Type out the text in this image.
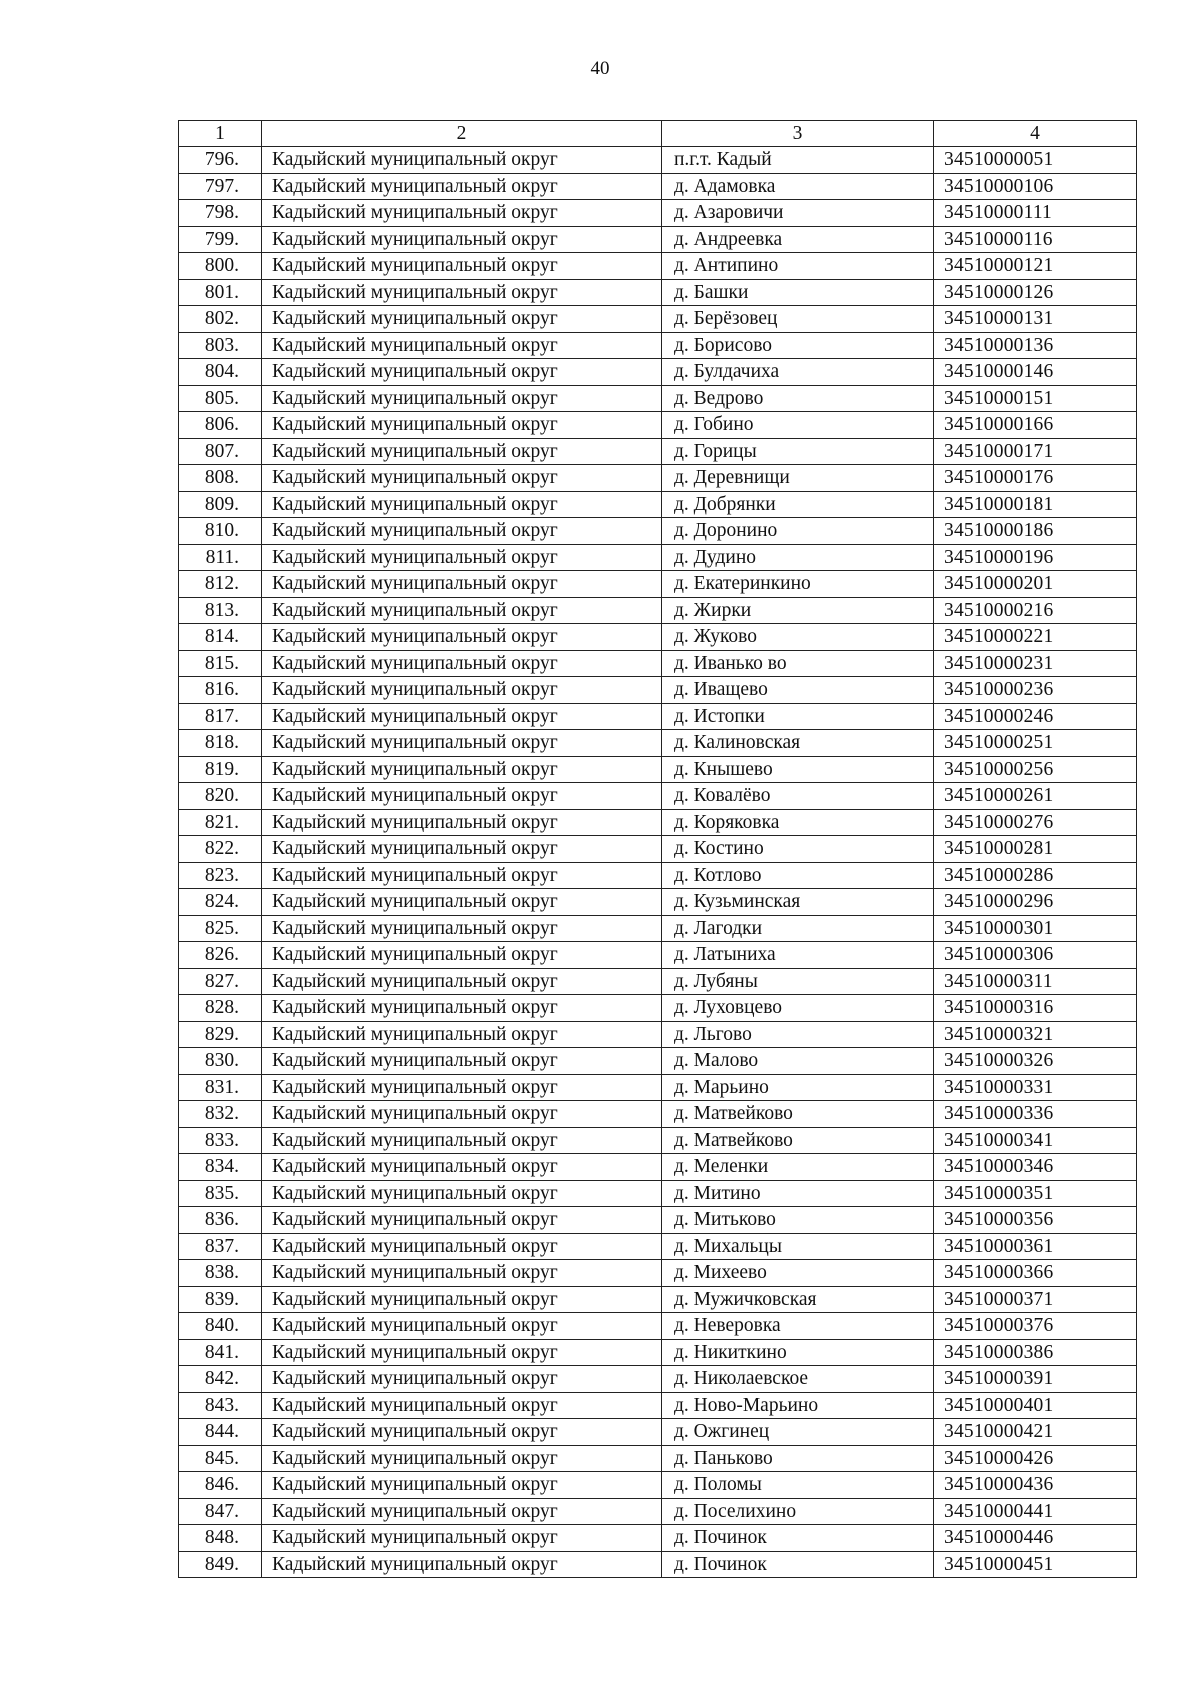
40
1	2	3	4
796.	Кадыйский муниципальный округ	п.г.т. Кадый	34510000051
797.	Кадыйский муниципальный округ	д. Адамовка	34510000106
798.	Кадыйский муниципальный округ	д. Азаровичи	34510000111
799.	Кадыйский муниципальный округ	д. Андреевка	34510000116
800.	Кадыйский муниципальный округ	д. Антипино	34510000121
801.	Кадыйский муниципальный округ	д. Башки	34510000126
802.	Кадыйский муниципальный округ	д. Берёзовец	34510000131
803.	Кадыйский муниципальный округ	д. Борисово	34510000136
804.	Кадыйский муниципальный округ	д. Булдачиха	34510000146
805.	Кадыйский муниципальный округ	д. Ведрово	34510000151
806.	Кадыйский муниципальный округ	д. Гобино	34510000166
807.	Кадыйский муниципальный округ	д. Горицы	34510000171
808.	Кадыйский муниципальный округ	д. Деревнищи	34510000176
809.	Кадыйский муниципальный округ	д. Добрянки	34510000181
810.	Кадыйский муниципальный округ	д. Доронино	34510000186
811.	Кадыйский муниципальный округ	д. Дудино	34510000196
812.	Кадыйский муниципальный округ	д. Екатеринкино	34510000201
813.	Кадыйский муниципальный округ	д. Жирки	34510000216
814.	Кадыйский муниципальный округ	д. Жуково	34510000221
815.	Кадыйский муниципальный округ	д. Иванько во	34510000231
816.	Кадыйский муниципальный округ	д. Иващево	34510000236
817.	Кадыйский муниципальный округ	д. Истопки	34510000246
818.	Кадыйский муниципальный округ	д. Калиновская	34510000251
819.	Кадыйский муниципальный округ	д. Кнышево	34510000256
820.	Кадыйский муниципальный округ	д. Ковалёво	34510000261
821.	Кадыйский муниципальный округ	д. Коряковка	34510000276
822.	Кадыйский муниципальный округ	д. Костино	34510000281
823.	Кадыйский муниципальный округ	д. Котлово	34510000286
824.	Кадыйский муниципальный округ	д. Кузьминская	34510000296
825.	Кадыйский муниципальный округ	д. Лагодки	34510000301
826.	Кадыйский муниципальный округ	д. Латыниха	34510000306
827.	Кадыйский муниципальный округ	д. Лубяны	34510000311
828.	Кадыйский муниципальный округ	д. Луховцево	34510000316
829.	Кадыйский муниципальный округ	д. Льгово	34510000321
830.	Кадыйский муниципальный округ	д. Малово	34510000326
831.	Кадыйский муниципальный округ	д. Марьино	34510000331
832.	Кадыйский муниципальный округ	д. Матвейково	34510000336
833.	Кадыйский муниципальный округ	д. Матвейково	34510000341
834.	Кадыйский муниципальный округ	д. Меленки	34510000346
835.	Кадыйский муниципальный округ	д. Митино	34510000351
836.	Кадыйский муниципальный округ	д. Митьково	34510000356
837.	Кадыйский муниципальный округ	д. Михальцы	34510000361
838.	Кадыйский муниципальный округ	д. Михеево	34510000366
839.	Кадыйский муниципальный округ	д. Мужичковская	34510000371
840.	Кадыйский муниципальный округ	д. Неверовка	34510000376
841.	Кадыйский муниципальный округ	д. Никиткино	34510000386
842.	Кадыйский муниципальный округ	д. Николаевское	34510000391
843.	Кадыйский муниципальный округ	д. Ново-Марьино	34510000401
844.	Кадыйский муниципальный округ	д. Ожгинец	34510000421
845.	Кадыйский муниципальный округ	д. Паньково	34510000426
846.	Кадыйский муниципальный округ	д. Поломы	34510000436
847.	Кадыйский муниципальный округ	д. Поселихино	34510000441
848.	Кадыйский муниципальный округ	д. Починок	34510000446
849.	Кадыйский муниципальный округ	д. Починок	34510000451
